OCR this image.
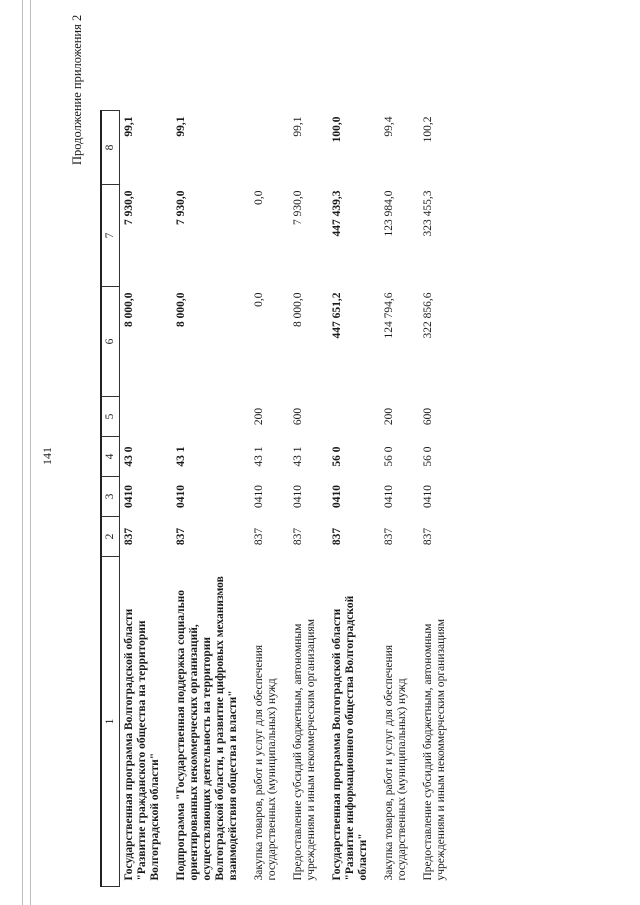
141
Продолжение приложения 2
1	2	3	4	5	6	7	8
Государственная программа Волгоградской области "Развитие гражданского общества на территории Волгоградской области"	837	0410	43 0		8 000,0	7 930,0	99,1
Подпрограмма "Государственная поддержка социально ориентированных некоммерческих организаций, осуществляющих деятельность на территории Волгоградской области, и развитие цифровых механизмов взаимодействия общества и власти"	837	0410	43 1		8 000,0	7 930,0	99,1
Закупка товаров, работ и услуг для обеспечения государственных (муниципальных) нужд	837	0410	43 1	200	0,0	0,0	
Предоставление субсидий бюджетным, автономным учреждениям и иным некоммерческим организациям	837	0410	43 1	600	8 000,0	7 930,0	99,1
Государственная программа Волгоградской области "Развитие информационного общества Волгоградской области"	837	0410	56 0		447 651,2	447 439,3	100,0
Закупка товаров, работ и услуг для обеспечения государственных (муниципальных) нужд	837	0410	56 0	200	124 794,6	123 984,0	99,4
Предоставление субсидий бюджетным, автономным учреждениям и иным некоммерческим организациям	837	0410	56 0	600	322 856,6	323 455,3	100,2
